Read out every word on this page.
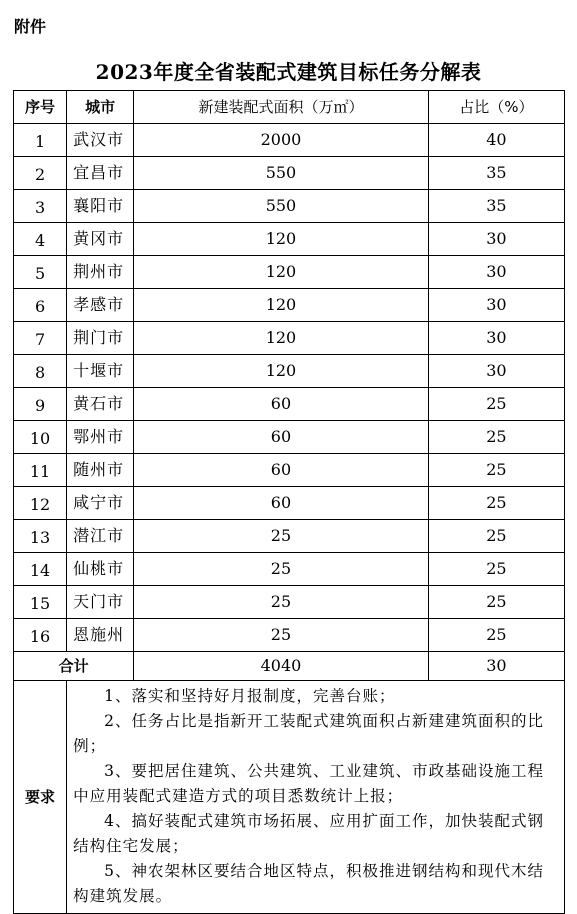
附件
2023年度全省装配式建筑目标任务分解表
序号	城市	新建装配式面积（万㎡）	占比（%）
1	武汉市	2000	40
2	宜昌市	550	35
3	襄阳市	550	35
4	黄冈市	120	30
5	荆州市	120	30
6	孝感市	120	30
7	荆门市	120	30
8	十堰市	120	30
9	黄石市	60	25
10	鄂州市	60	25
11	随州市	60	25
12	咸宁市	60	25
13	潜江市	25	25
14	仙桃市	25	25
15	天门市	25	25
16	恩施州	25	25
合计		4040	30
要求	1、落实和坚持好月报制度，完善台账；

2、任务占比是指新开工装配式建筑面积占新建建筑面积的比例；

3、要把居住建筑、公共建筑、工业建筑、市政基础设施工程中应用装配式建造方式的项目悉数统计上报；

4、搞好装配式建筑市场拓展、应用扩面工作，加快装配式钢结构住宅发展；

5、神农架林区要结合地区特点，积极推进钢结构和现代木结构建筑发展。		
